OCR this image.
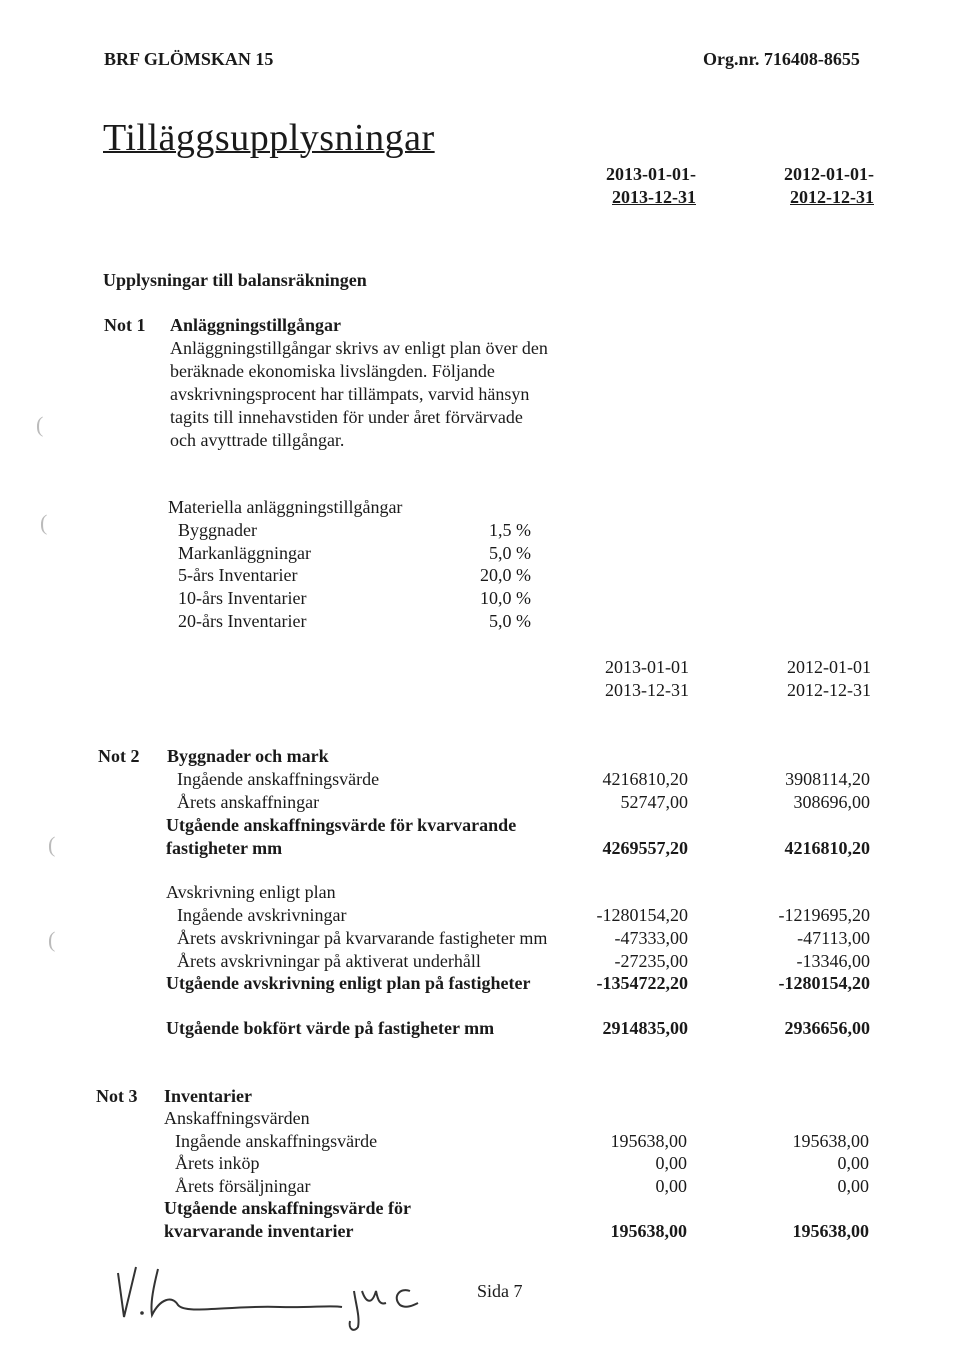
BRF GLÖMSKAN 15	Org.nr. 716408-8655
Tilläggsupplysningar
2013-01-01-
2013-12-31
2012-01-01-
2012-12-31
Upplysningar till balansräkningen
Not 1 Anläggningstillgångar
Anläggningstillgångar skrivs av enligt plan över den
beräknade ekonomiska livslängden. Följande
avskrivningsprocent har tillämpats, varvid hänsyn
tagits till innehavstiden för under året förvärvade
och avyttrade tillgångar.
Materiella anläggningstillgångar
Byggnader	1,5 %
Markanläggningar	5,0 %
5-års Inventarier	20,0 %
10-års Inventarier	10,0 %
20-års Inventarier	5,0 %
2013-01-01
2013-12-31
2012-01-01
2012-12-31
Not 2 Byggnader och mark
Ingående anskaffningsvärde	4216810,20	3908114,20
Årets anskaffningar	52747,00	308696,00
Utgående anskaffningsvärde för kvarvarande
fastigheter mm	4269557,20	4216810,20
Avskrivning enligt plan
Ingående avskrivningar	-1280154,20	-1219695,20
Årets avskrivningar på kvarvarande fastigheter mm	-47333,00	-47113,00
Årets avskrivningar på aktiverat underhåll	-27235,00	-13346,00
Utgående avskrivning enligt plan på fastigheter	-1354722,20	-1280154,20
Utgående bokfört värde på fastigheter mm	2914835,00	2936656,00
Not 3 Inventarier
Anskaffningsvärden
Ingående anskaffningsvärde	195638,00	195638,00
Årets inköp	0,00	0,00
Årets försäljningar	0,00	0,00
Utgående anskaffningsvärde för
kvarvarande inventarier	195638,00	195638,00
Sida 7
(
(
(
(
